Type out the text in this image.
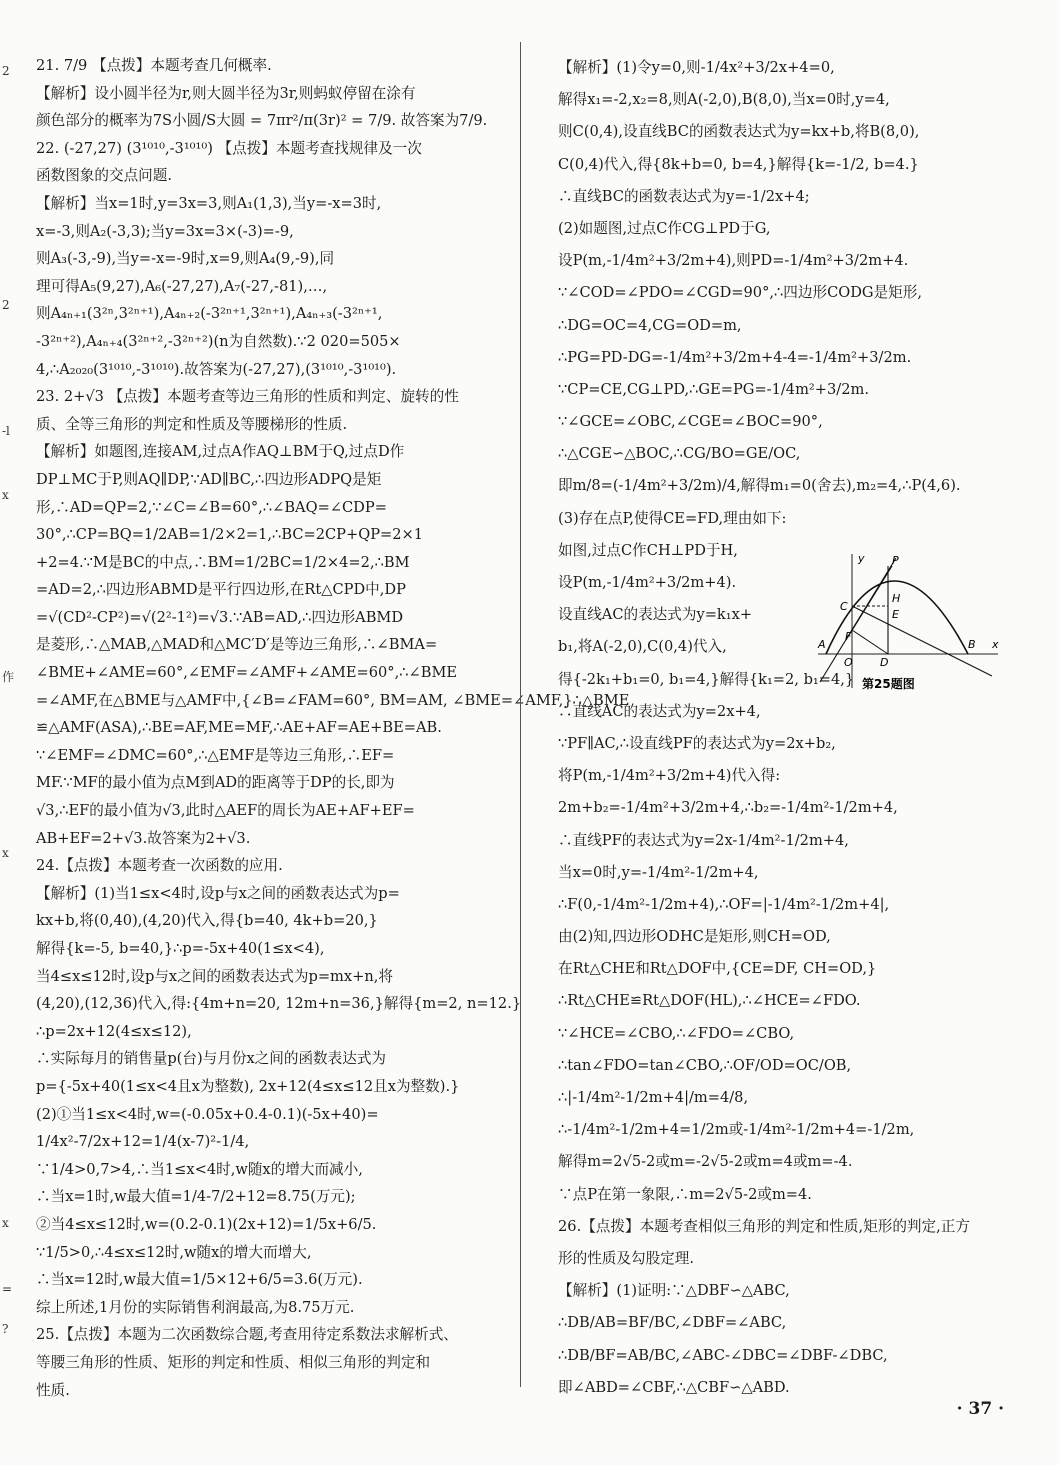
2
2
-l
x
作
x
x
=
?

21. 7/9 【点拨】本题考查几何概率.

【解析】设小圆半径为r,则大圆半径为3r,则蚂蚁停留在涂有

颜色部分的概率为7S小圆/S大圆 = 7πr²/π(3r)² = 7/9. 故答案为7/9.

22. (-27,27) (3¹⁰¹⁰,-3¹⁰¹⁰) 【点拨】本题考查找规律及一次

函数图象的交点问题.

【解析】当x=1时,y=3x=3,则A₁(1,3),当y=-x=3时,

x=-3,则A₂(-3,3);当y=3x=3×(-3)=-9,

则A₃(-3,-9),当y=-x=-9时,x=9,则A₄(9,-9),同

理可得A₅(9,27),A₆(-27,27),A₇(-27,-81),…,

则A₄ₙ₊₁(3²ⁿ,3²ⁿ⁺¹),A₄ₙ₊₂(-3²ⁿ⁺¹,3²ⁿ⁺¹),A₄ₙ₊₃(-3²ⁿ⁺¹,

-3²ⁿ⁺²),A₄ₙ₊₄(3²ⁿ⁺²,-3²ⁿ⁺²)(n为自然数).∵2 020=505×

4,∴A₂₀₂₀(3¹⁰¹⁰,-3¹⁰¹⁰).故答案为(-27,27),(3¹⁰¹⁰,-3¹⁰¹⁰).

23. 2+√3 【点拨】本题考查等边三角形的性质和判定、旋转的性

质、全等三角形的判定和性质及等腰梯形的性质.

【解析】如题图,连接AM,过点A作AQ⊥BM于Q,过点D作

DP⊥MC于P,则AQ∥DP,∵AD∥BC,∴四边形ADPQ是矩

形,∴AD=QP=2,∵∠C=∠B=60°,∴∠BAQ=∠CDP=

30°,∴CP=BQ=1/2AB=1/2×2=1,∴BC=2CP+QP=2×1

+2=4.∵M是BC的中点,∴BM=1/2BC=1/2×4=2,∴BM

=AD=2,∴四边形ABMD是平行四边形,在Rt△CPD中,DP

=√(CD²-CP²)=√(2²-1²)=√3.∵AB=AD,∴四边形ABMD

是菱形,∴△MAB,△MAD和△MC′D′是等边三角形,∴∠BMA=

∠BME+∠AME=60°,∠EMF=∠AMF+∠AME=60°,∴∠BME

=∠AMF,在△BME与△AMF中,{∠B=∠FAM=60°, BM=AM, ∠BME=∠AMF,}∴△BME

≌△AMF(ASA),∴BE=AF,ME=MF,∴AE+AF=AE+BE=AB.

∵∠EMF=∠DMC=60°,∴△EMF是等边三角形,∴EF=

MF.∵MF的最小值为点M到AD的距离等于DP的长,即为

√3,∴EF的最小值为√3,此时△AEF的周长为AE+AF+EF=

AB+EF=2+√3.故答案为2+√3.

24.【点拨】本题考查一次函数的应用.

【解析】(1)当1≤x<4时,设p与x之间的函数表达式为p=

kx+b,将(0,40),(4,20)代入,得{b=40, 4k+b=20,}

解得{k=-5, b=40,}∴p=-5x+40(1≤x<4),

当4≤x≤12时,设p与x之间的函数表达式为p=mx+n,将

(4,20),(12,36)代入,得:{4m+n=20, 12m+n=36,}解得{m=2, n=12.}

∴p=2x+12(4≤x≤12),

∴实际每月的销售量p(台)与月份x之间的函数表达式为

p={-5x+40(1≤x<4且x为整数), 2x+12(4≤x≤12且x为整数).}

(2)①当1≤x<4时,w=(-0.05x+0.4-0.1)(-5x+40)=

1/4x²-7/2x+12=1/4(x-7)²-1/4,

∵1/4>0,7>4,∴当1≤x<4时,w随x的增大而减小,

∴当x=1时,w最大值=1/4-7/2+12=8.75(万元);

②当4≤x≤12时,w=(0.2-0.1)(2x+12)=1/5x+6/5.

∵1/5>0,∴4≤x≤12时,w随x的增大而增大,

∴当x=12时,w最大值=1/5×12+6/5=3.6(万元).

综上所述,1月份的实际销售利润最高,为8.75万元.

25.【点拨】本题为二次函数综合题,考查用待定系数法求解析式、

等腰三角形的性质、矩形的判定和性质、相似三角形的判定和

性质.

【解析】(1)令y=0,则-1/4x²+3/2x+4=0,

解得x₁=-2,x₂=8,则A(-2,0),B(8,0),当x=0时,y=4,

则C(0,4),设直线BC的函数表达式为y=kx+b,将B(8,0),

C(0,4)代入,得{8k+b=0, b=4,}解得{k=-1/2, b=4.}

∴直线BC的函数表达式为y=-1/2x+4;

(2)如题图,过点C作CG⊥PD于G,

设P(m,-1/4m²+3/2m+4),则PD=-1/4m²+3/2m+4.

∵∠COD=∠PDO=∠CGD=90°,∴四边形CODG是矩形,

∴DG=OC=4,CG=OD=m,

∴PG=PD-DG=-1/4m²+3/2m+4-4=-1/4m²+3/2m.

∵CP=CE,CG⊥PD,∴GE=PG=-1/4m²+3/2m.

∵∠GCE=∠OBC,∠CGE=∠BOC=90°,

∴△CGE∽△BOC,∴CG/BO=GE/OC,

即m/8=(-1/4m²+3/2m)/4,解得m₁=0(舍去),m₂=4,∴P(4,6).

(3)存在点P,使得CE=FD,理由如下:

如图,过点C作CH⊥PD于H,

设P(m,-1/4m²+3/2m+4).

设直线AC的表达式为y=k₁x+

b₁,将A(-2,0),C(0,4)代入,

得{-2k₁+b₁=0, b₁=4,}解得{k₁=2, b₁=4,}

∴直线AC的表达式为y=2x+4,

∵PF∥AC,∴设直线PF的表达式为y=2x+b₂,

将P(m,-1/4m²+3/2m+4)代入得:

2m+b₂=-1/4m²+3/2m+4,∴b₂=-1/4m²-1/2m+4,

∴直线PF的表达式为y=2x-1/4m²-1/2m+4,

当x=0时,y=-1/4m²-1/2m+4,

∴F(0,-1/4m²-1/2m+4),∴OF=|-1/4m²-1/2m+4|,

由(2)知,四边形ODHC是矩形,则CH=OD,

在Rt△CHE和Rt△DOF中,{CE=DF, CH=OD,}

∴Rt△CHE≌Rt△DOF(HL),∴∠HCE=∠FDO.

∵∠HCE=∠CBO,∴∠FDO=∠CBO,

∴tan∠FDO=tan∠CBO,∴OF/OD=OC/OB,

∴|-1/4m²-1/2m+4|/m=4/8,

∴-1/4m²-1/2m+4=1/2m或-1/4m²-1/2m+4=-1/2m,

解得m=2√5-2或m=-2√5-2或m=4或m=-4.

∵点P在第一象限,∴m=2√5-2或m=4.

26.【点拨】本题考查相似三角形的判定和性质,矩形的判定,正方

形的性质及勾股定理.

【解析】(1)证明:∵△DBF∽△ABC,

∴DB/AB=BF/BC,∠DBF=∠ABC,

∴DB/BF=AB/BC,∠ABC-∠DBC=∠DBF-∠DBC,

即∠ABD=∠CBF,∴△CBF∽△ABD.

y P
H
C
E
F
A
O D
B x
第25题图
· 37 ·
